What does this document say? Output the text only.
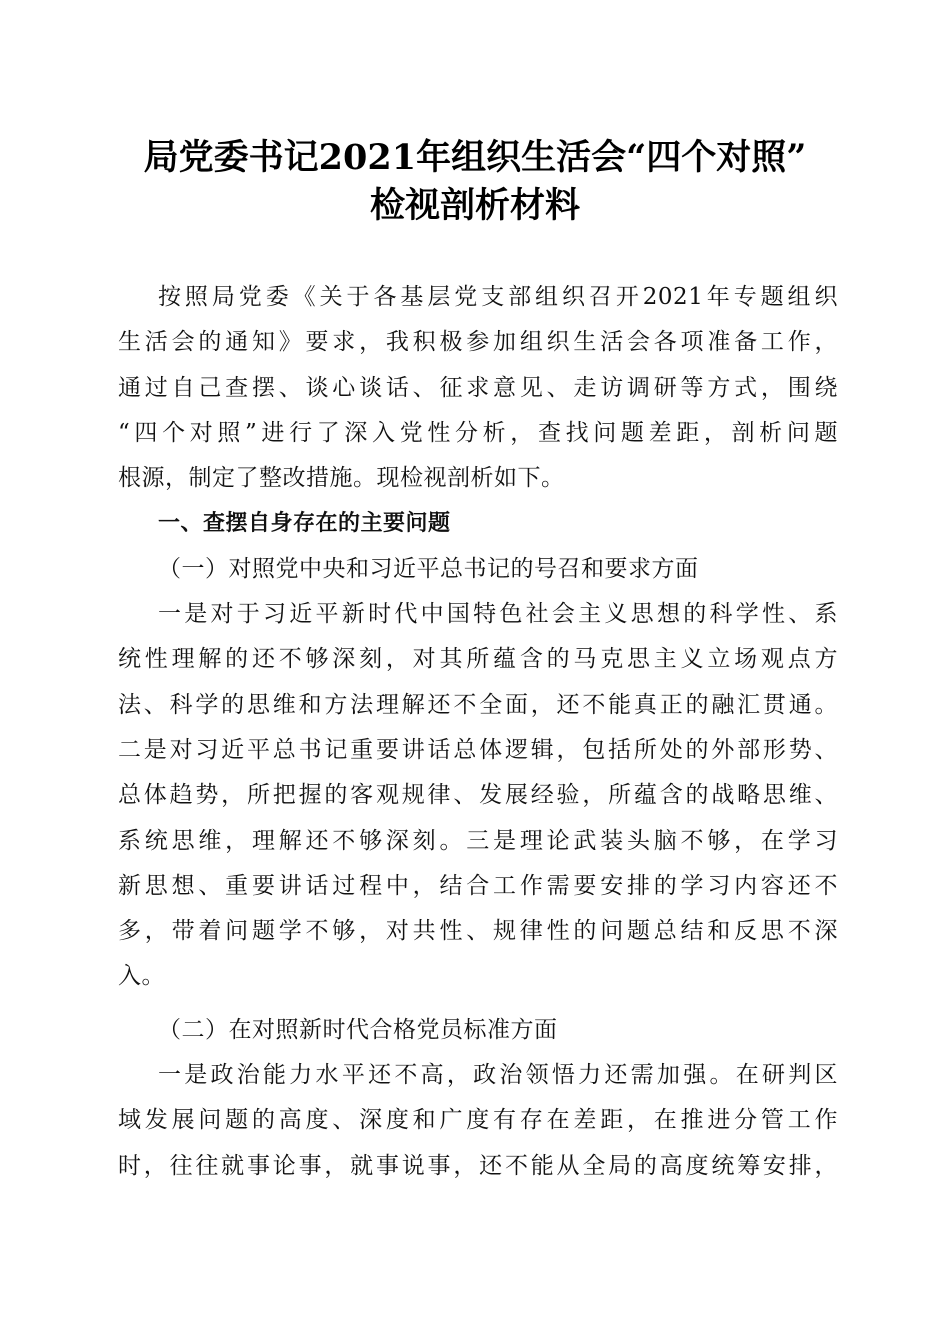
局党委书记2021年组织生活会“四个对照”
检视剖析材料
按照局党委《关于各基层党支部组织召开2021年专题组织
生活会的通知》要求，我积极参加组织生活会各项准备工作，
通过自己查摆、谈心谈话、征求意见、走访调研等方式，围绕
“四个对照”进行了深入党性分析，查找问题差距，剖析问题
根源，制定了整改措施。现检视剖析如下。
一、查摆自身存在的主要问题
（一）对照党中央和习近平总书记的号召和要求方面
一是对于习近平新时代中国特色社会主义思想的科学性、系
统性理解的还不够深刻，对其所蕴含的马克思主义立场观点方
法、科学的思维和方法理解还不全面，还不能真正的融汇贯通。
二是对习近平总书记重要讲话总体逻辑，包括所处的外部形势、
总体趋势，所把握的客观规律、发展经验，所蕴含的战略思维、
系统思维，理解还不够深刻。三是理论武装头脑不够，在学习
新思想、重要讲话过程中，结合工作需要安排的学习内容还不
多，带着问题学不够，对共性、规律性的问题总结和反思不深
入。
（二）在对照新时代合格党员标准方面
一是政治能力水平还不高，政治领悟力还需加强。在研判区
域发展问题的高度、深度和广度有存在差距，在推进分管工作
时，往往就事论事，就事说事，还不能从全局的高度统筹安排，
